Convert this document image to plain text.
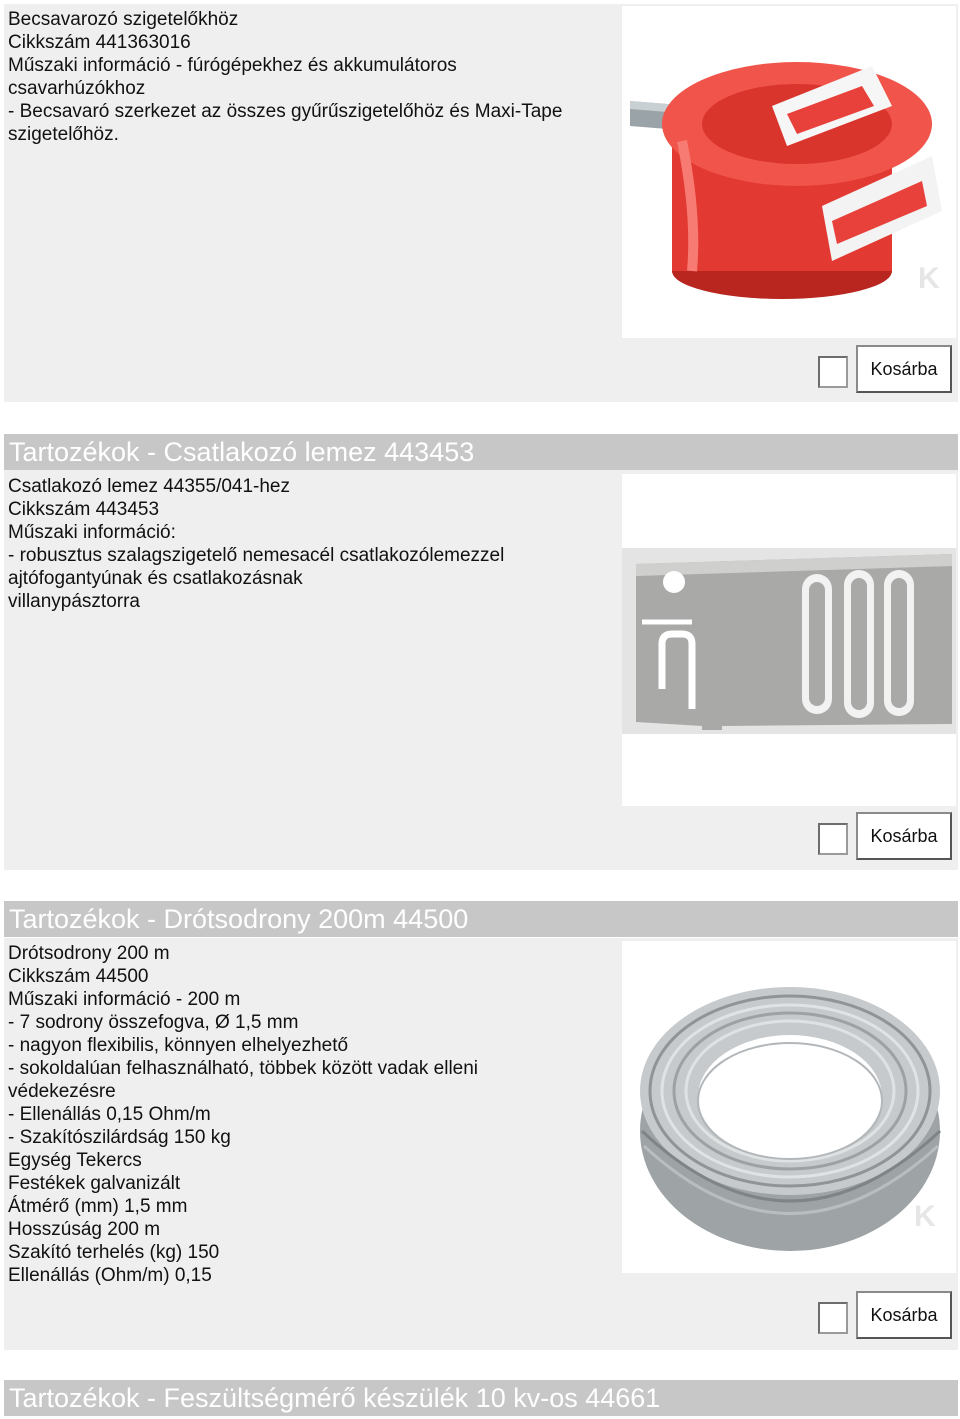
Becsavarozó szigetelőkhöz
Cikkszám 441363016
Műszaki információ - fúrógépekhez és akkumulátoros
csavarhúzókhoz
- Becsavaró szerkezet az összes gyűrűszigetelőhöz és Maxi-Tape
szigetelőhöz.
K
Kosárba
Tartozékok - Csatlakozó lemez 443453
Csatlakozó lemez 44355/041-hez
Cikkszám 443453
Műszaki információ:
- robusztus szalagszigetelő nemesacél csatlakozólemezzel
ajtófogantyúnak és csatlakozásnak
villanypásztorra
Kosárba
Tartozékok - Drótsodrony 200m 44500
Drótsodrony 200 m
Cikkszám 44500
Műszaki információ - 200 m
- 7 sodrony összefogva, Ø 1,5 mm
- nagyon flexibilis, könnyen elhelyezhető
- sokoldalúan felhasználható, többek között vadak elleni
védekezésre
- Ellenállás 0,15 Ohm/m
- Szakítószilárdság 150 kg
Egység Tekercs
Festékek galvanizált
Átmérő (mm) 1,5 mm
Hosszúság 200 m
Szakító terhelés (kg) 150
Ellenállás (Ohm/m) 0,15
K
Kosárba
Tartozékok - Feszültségmérő készülék 10 kv-os 44661
